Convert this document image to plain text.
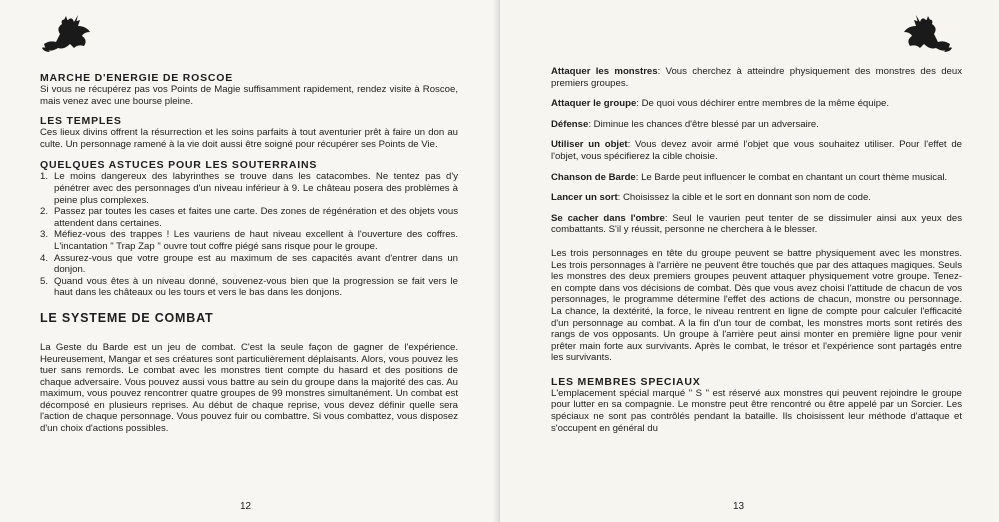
MARCHE D'ENERGIE DE ROSCOE

Si vous ne récupérez pas vos Points de Magie suffisamment rapidement, rendez visite à Roscoe, mais venez avec une bourse pleine.

LES TEMPLES

Ces lieux divins offrent la résurrection et les soins parfaits à tout aventurier prêt à faire un don au culte. Un personnage ramené à la vie doit aussi être soigné pour récupérer ses Points de Vie.

QUELQUES ASTUCES POUR LES SOUTERRAINS
1. Le moins dangereux des labyrinthes se trouve dans les catacombes. Ne tentez pas d'y pénétrer avec des personnages d'un niveau inférieur à 9. Le château posera des problèmes à peine plus complexes.
2. Passez par toutes les cases et faites une carte. Des zones de régénération et des objets vous attendent dans certaines.
3. Méfiez-vous des trappes ! Les vauriens de haut niveau excellent à l'ouverture des coffres. L'incantation " Trap Zap " ouvre tout coffre piégé sans risque pour le groupe.
4. Assurez-vous que votre groupe est au maximum de ses capacités avant d'entrer dans un donjon.
5. Quand vous êtes à un niveau donné, souvenez-vous bien que la progression se fait vers le haut dans les châteaux ou les tours et vers le bas dans les donjons.
LE SYSTEME DE COMBAT

La Geste du Barde est un jeu de combat. C'est la seule façon de gagner de l'expérience. Heureusement, Mangar et ses créatures sont particulièrement déplaisants. Alors, vous pouvez les tuer sans remords. Le combat avec les monstres tient compte du hasard et des positions de chaque adversaire. Vous pouvez aussi vous battre au sein du groupe dans la majorité des cas. Au maximum, vous pouvez rencontrer quatre groupes de 99 monstres simultanément. Un combat est décomposé en plusieurs reprises. Au début de chaque reprise, vous devez définir quelle sera l'action de chaque personnage. Vous pouvez fuir ou combattre. Si vous combattez, vous disposez d'un choix d'actions possibles.

12

Attaquer les monstres: Vous cherchez à atteindre physiquement des monstres des deux premiers groupes.

Attaquer le groupe: De quoi vous déchirer entre membres de la même équipe.

Défense: Diminue les chances d'être blessé par un adversaire.

Utiliser un objet: Vous devez avoir armé l'objet que vous souhaitez utiliser. Pour l'effet de l'objet, vous spécifierez la cible choisie.

Chanson de Barde: Le Barde peut influencer le combat en chantant un court thème musical.

Lancer un sort: Choisissez la cible et le sort en donnant son nom de code.

Se cacher dans l'ombre: Seul le vaurien peut tenter de se dissimuler ainsi aux yeux des combattants. S'il y réussit, personne ne cherchera à le blesser.

Les trois personnages en tête du groupe peuvent se battre physiquement avec les monstres. Les trois personnages à l'arrière ne peuvent être touchés que par des attaques magiques. Seuls les monstres des deux premiers groupes peuvent attaquer physiquement votre groupe. Tenez-en compte dans vos décisions de combat. Dès que vous avez choisi l'attitude de chacun de vos personnages, le programme détermine l'effet des actions de chacun, monstre ou personnage. La chance, la dextérité, la force, le niveau rentrent en ligne de compte pour calculer l'efficacité d'un personnage au combat. A la fin d'un tour de combat, les monstres morts sont retirés des rangs de vos opposants. Un groupe à l'arrière peut ainsi monter en première ligne pour venir prêter main forte aux survivants. Après le combat, le trésor et l'expérience sont partagés entre les survivants.

LES MEMBRES SPECIAUX

L'emplacement spécial marqué " S " est réservé aux monstres qui peuvent rejoindre le groupe pour lutter en sa compagnie. Le monstre peut être rencontré ou être appelé par un Sorcier. Les spéciaux ne sont pas contrôlés pendant la bataille. Ils choisissent leur méthode d'attaque et s'occupent en général du

13
